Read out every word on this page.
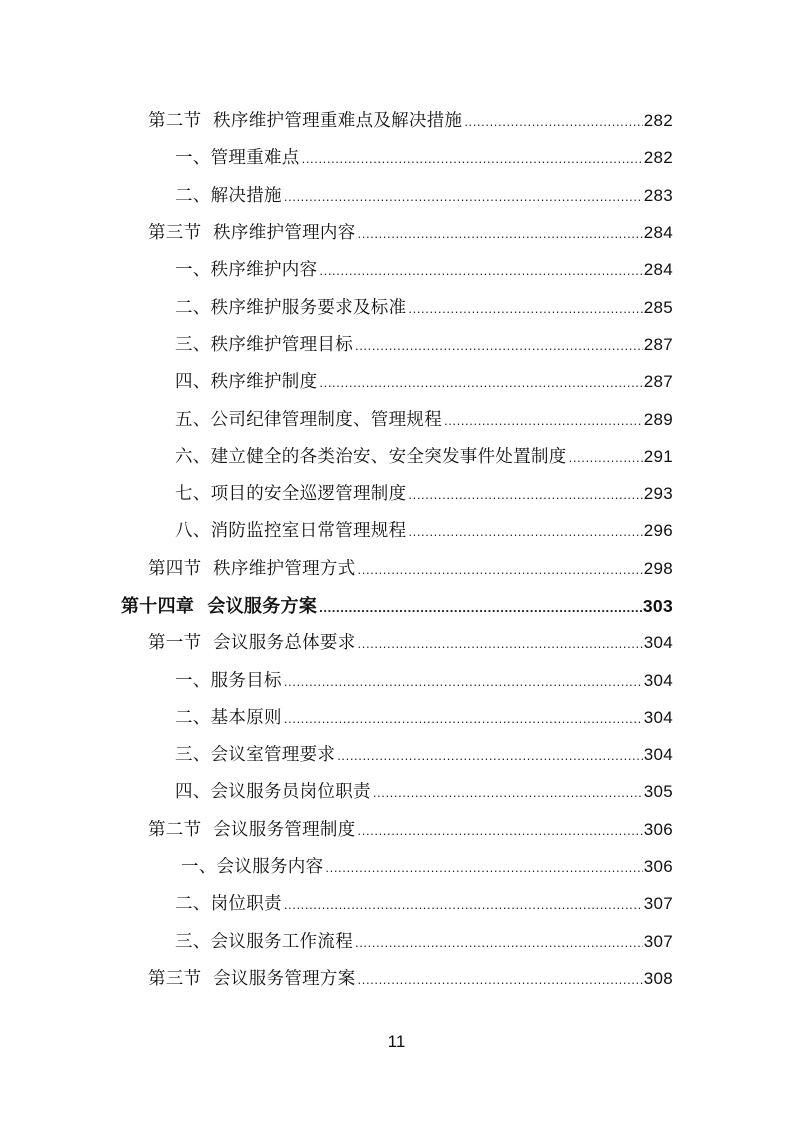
第二节  秩序维护管理重难点及解决措施 .....	282
一、管理重难点 .....	282
二、解决措施 .....	283
第三节  秩序维护管理内容 .....	284
一、秩序维护内容 .....	284
二、秩序维护服务要求及标准 .....	285
三、秩序维护管理目标 .....	287
四、秩序维护制度 .....	287
五、公司纪律管理制度、管理规程 .....	289
六、建立健全的各类治安、安全突发事件处置制度 .....	291
七、项目的安全巡逻管理制度 .....	293
八、消防监控室日常管理规程 .....	296
第四节  秩序维护管理方式 .....	298
第十四章  会议服务方案 .....	303
第一节  会议服务总体要求 .....	304
一、服务目标 .....	304
二、基本原则 .....	304
三、会议室管理要求 .....	304
四、会议服务员岗位职责 .....	305
第二节  会议服务管理制度 .....	306
一、会议服务内容 .....	306
二、岗位职责 .....	307
三、会议服务工作流程 .....	307
第三节  会议服务管理方案 .....	308
11
